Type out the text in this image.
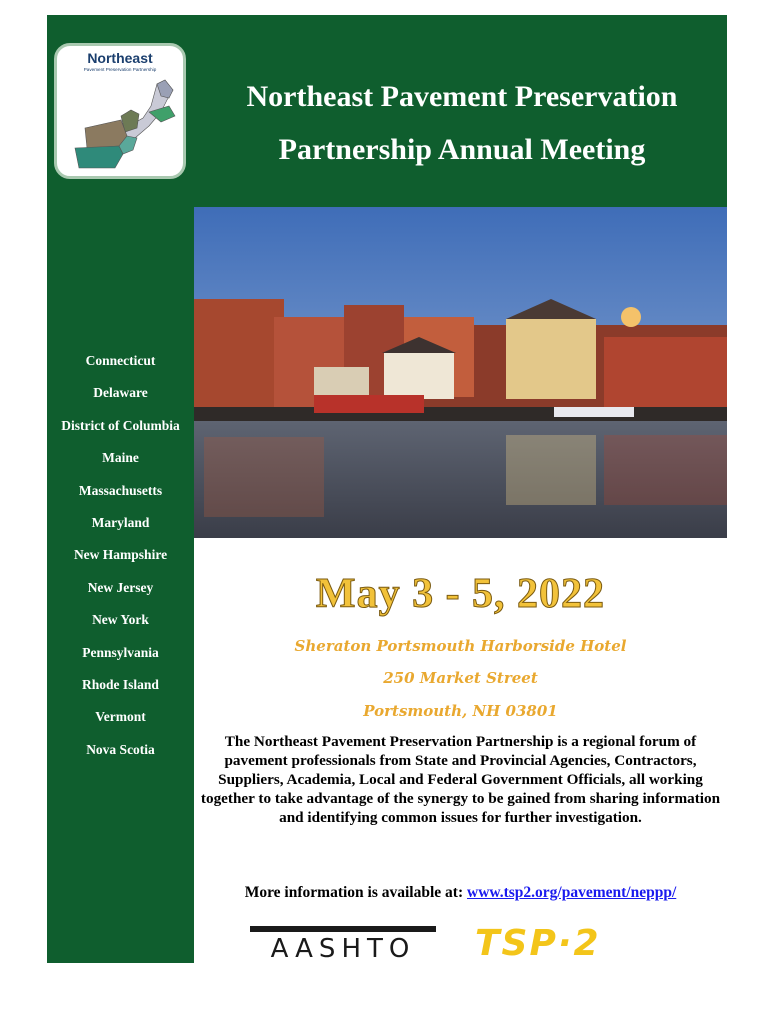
Northeast
Pavement Preservation Partnership
Northeast Pavement Preservation
Partnership Annual Meeting
Connecticut
Delaware
District of Columbia
Maine
Massachusetts
Maryland
New Hampshire
New Jersey
New York
Pennsylvania
Rhode Island
Vermont
Nova Scotia
May 3 - 5, 2022
Sheraton Portsmouth Harborside Hotel
250 Market Street
Portsmouth, NH 03801
The Northeast Pavement Preservation Partnership is a regional forum of pavement professionals from State and Provincial Agencies, Contractors, Suppliers, Academia, Local and Federal Government Officials, all working together to take advantage of the synergy to be gained from sharing information and identifying common issues for further investigation.
More information is available at: www.tsp2.org/pavement/neppp/
AASHTO	TSP·2
